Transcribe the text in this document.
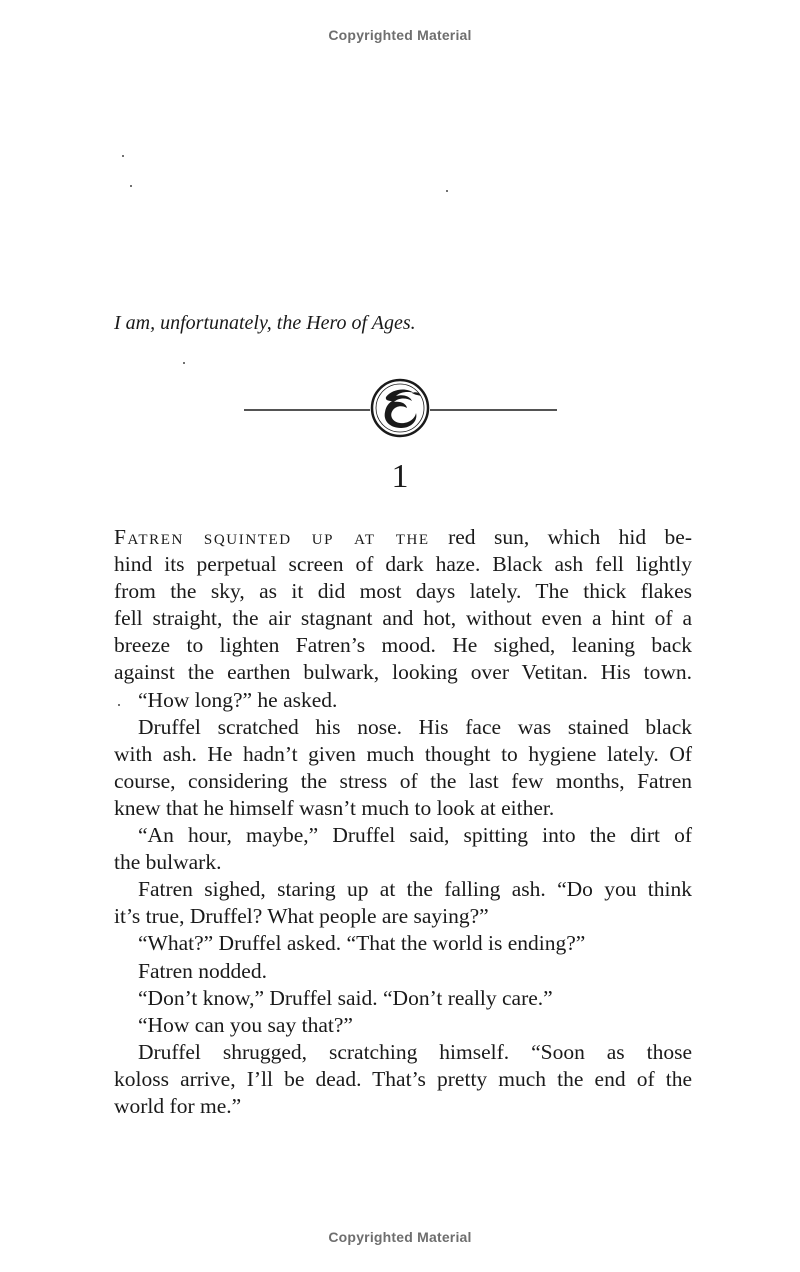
Copyrighted Material
I am, unfortunately, the Hero of Ages.
1
Fatren squinted up at the red sun, which hid be-
hind its perpetual screen of dark haze. Black ash fell lightly
from the sky, as it did most days lately. The thick flakes
fell straight, the air stagnant and hot, without even a hint of a
breeze to lighten Fatren’s mood. He sighed, leaning back
against the earthen bulwark, looking over Vetitan. His town.
“How long?” he asked.
Druffel scratched his nose. His face was stained black
with ash. He hadn’t given much thought to hygiene lately. Of
course, considering the stress of the last few months, Fatren
knew that he himself wasn’t much to look at either.
“An hour, maybe,” Druffel said, spitting into the dirt of
the bulwark.
Fatren sighed, staring up at the falling ash. “Do you think
it’s true, Druffel? What people are saying?”
“What?” Druffel asked. “That the world is ending?”
Fatren nodded.
“Don’t know,” Druffel said. “Don’t really care.”
“How can you say that?”
Druffel shrugged, scratching himself. “Soon as those
koloss arrive, I’ll be dead. That’s pretty much the end of the
world for me.”
Copyrighted Material
